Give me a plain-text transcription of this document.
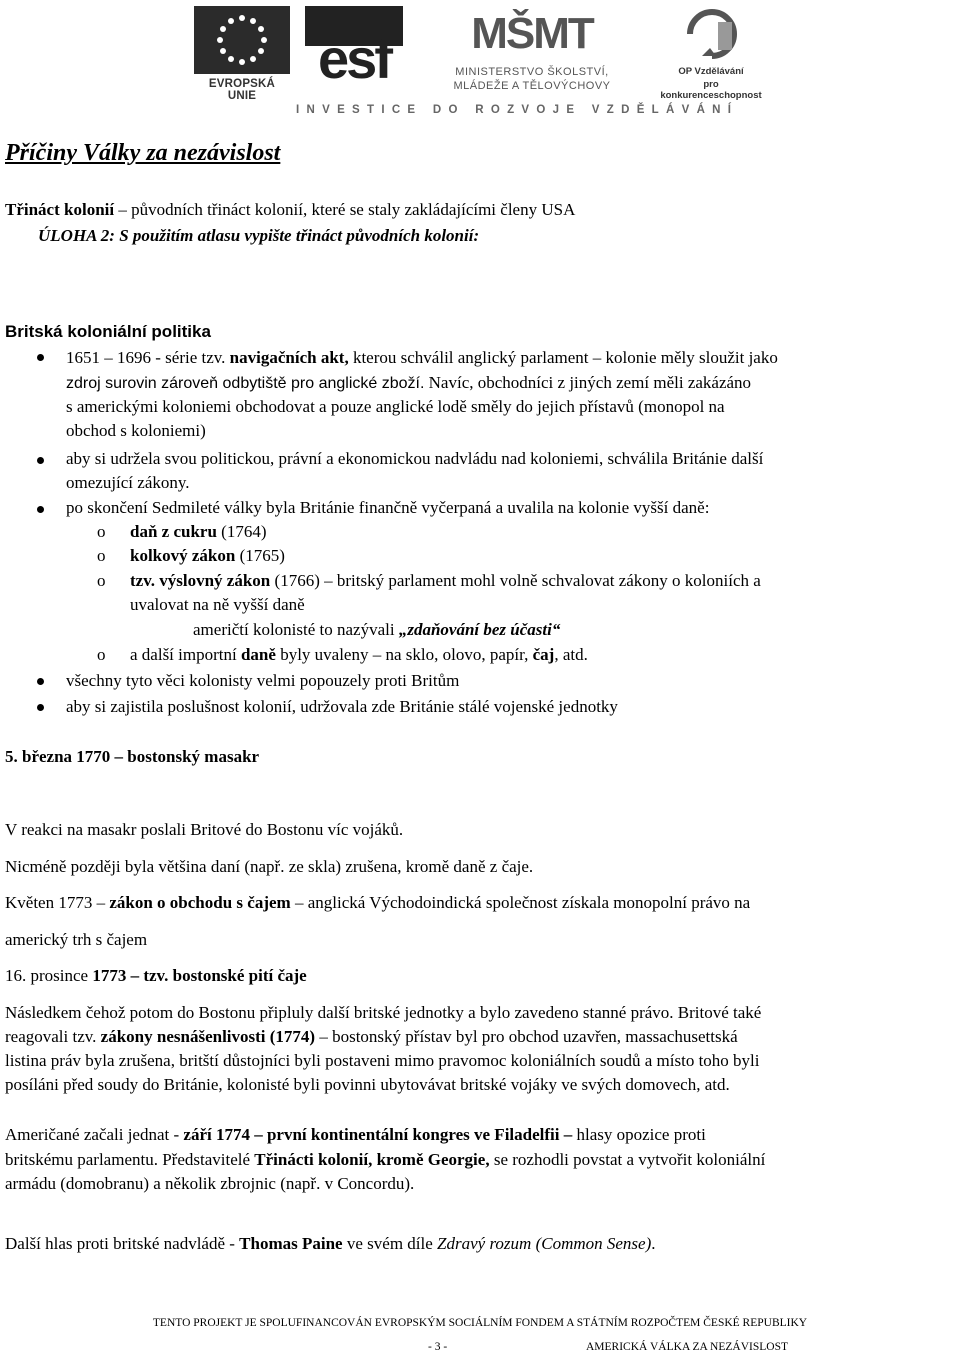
EVROPSKÁ UNIE
esf	MŠMT
MINISTERSTVO ŠKOLSTVÍ,
MLÁDEŽE A TĚLOVÝCHOVY
OP Vzdělávání
pro konkurenceschopnost
INVESTICE DO ROZVOJE VZDĚLÁVÁNÍ
Příčiny Války za nezávislost
Třináct kolonií – původních třináct kolonií, které se staly zakládajícími členy USA
ÚLOHA 2: S použitím atlasu vypište třináct původních kolonií:
Britská koloniální politika
1651 – 1696 - série tzv. navigačních akt, kterou schválil anglický parlament – kolonie měly sloužit jako
zdroj surovin zároveň odbytiště pro anglické zboží. Navíc, obchodníci z jiných zemí měli zakázáno
s americkými koloniemi obchodovat a pouze anglické lodě směly do jejich přístavů (monopol na
obchod s koloniemi)
aby si udržela svou politickou, právní a ekonomickou nadvládu nad koloniemi, schválila Británie další
omezující zákony.
po skončení Sedmileté války byla Británie finančně vyčerpaná a uvalila na kolonie vyšší daně:
o daň z cukru (1764)
o kolkový zákon (1765)
o tzv. výslovný zákon (1766) – britský parlament mohl volně schvalovat zákony o koloniích a
uvalovat na ně vyšší daně
američtí kolonisté to nazývali „zdaňování bez účasti“
o a další importní daně byly uvaleny – na sklo, olovo, papír, čaj, atd.
všechny tyto věci kolonisty velmi popouzely proti Britům
aby si zajistila poslušnost kolonií, udržovala zde Británie stálé vojenské jednotky
5. března 1770 – bostonský masakr
V reakci na masakr poslali Britové do Bostonu víc vojáků.
Nicméně později byla většina daní (např. ze skla) zrušena, kromě daně z čaje.
Květen 1773 – zákon o obchodu s čajem – anglická Východoindická společnost získala monopolní právo na
americký trh s čajem
16. prosince 1773 – tzv. bostonské pití čaje
Následkem čehož potom do Bostonu připluly další britské jednotky a bylo zavedeno stanné právo. Britové také
reagovali tzv. zákony nesnášenlivosti (1774) – bostonský přístav byl pro obchod uzavřen, massachusettská
listina práv byla zrušena, britští důstojníci byli postaveni mimo pravomoc koloniálních soudů a místo toho byli
posíláni před soudy do Británie, kolonisté byli povinni ubytovávat britské vojáky ve svých domovech, atd.
Američané začali jednat - září 1774 – první kontinentální kongres ve Filadelfii – hlasy opozice proti
britskému parlamentu. Představitelé Třinácti kolonií, kromě Georgie, se rozhodli povstat a vytvořit koloniální
armádu (domobranu) a několik zbrojnic (např. v Concordu).
Další hlas proti britské nadvládě - Thomas Paine ve svém díle Zdravý rozum (Common Sense).
TENTO PROJEKT JE SPOLUFINANCOVÁN EVROPSKÝM SOCIÁLNÍM FONDEM A STÁTNÍM ROZPOČTEM ČESKÉ REPUBLIKY
- 3 -	AMERICKÁ VÁLKA ZA NEZÁVISLOST
